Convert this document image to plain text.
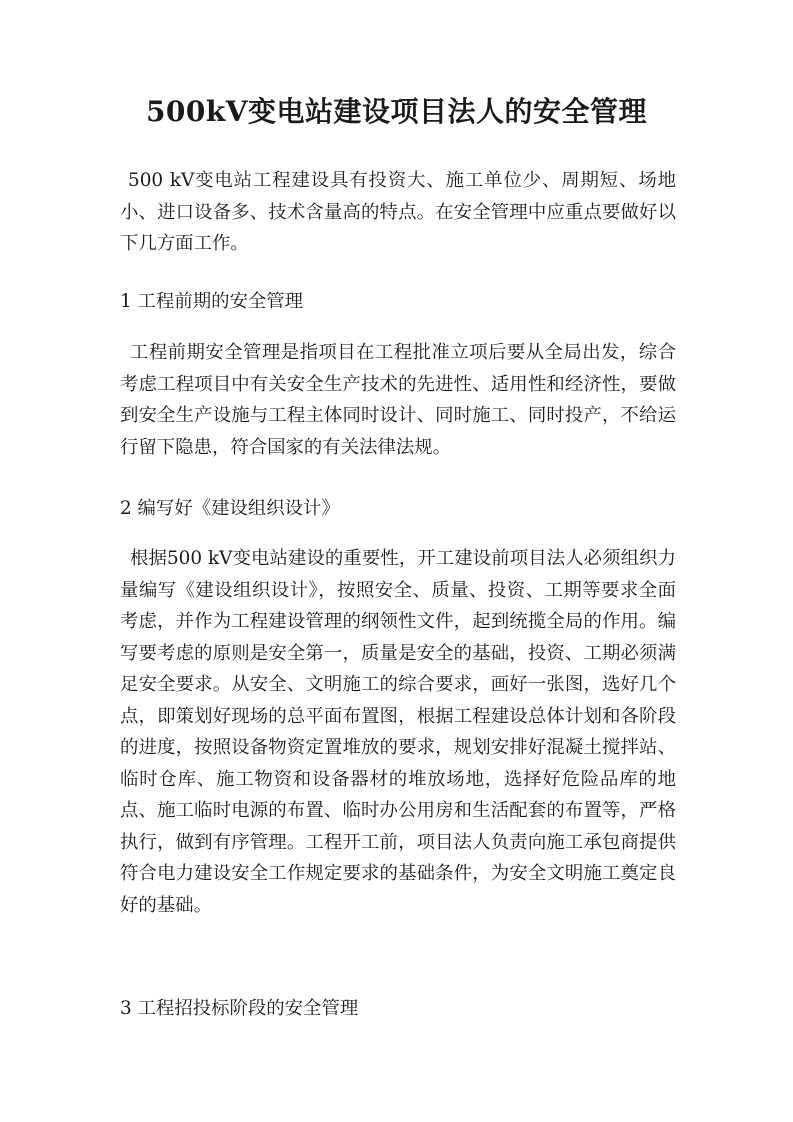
500kV变电站建设项目法人的安全管理
500 kV变电站工程建设具有投资大、施工单位少、周期短、场地小、进口设备多、技术含量高的特点。在安全管理中应重点要做好以下几方面工作。
1 工程前期的安全管理
工程前期安全管理是指项目在工程批准立项后要从全局出发，综合考虑工程项目中有关安全生产技术的先进性、适用性和经济性，要做到安全生产设施与工程主体同时设计、同时施工、同时投产，不给运行留下隐患，符合国家的有关法律法规。
2 编写好《建设组织设计》
根据500 kV变电站建设的重要性，开工建设前项目法人必须组织力量编写《建设组织设计》，按照安全、质量、投资、工期等要求全面考虑，并作为工程建设管理的纲领性文件，起到统揽全局的作用。编写要考虑的原则是安全第一，质量是安全的基础，投资、工期必须满足安全要求。从安全、文明施工的综合要求，画好一张图，选好几个点，即策划好现场的总平面布置图，根据工程建设总体计划和各阶段的进度，按照设备物资定置堆放的要求，规划安排好混凝土搅拌站、临时仓库、施工物资和设备器材的堆放场地，选择好危险品库的地点、施工临时电源的布置、临时办公用房和生活配套的布置等，严格执行，做到有序管理。工程开工前，项目法人负责向施工承包商提供符合电力建设安全工作规定要求的基础条件，为安全文明施工奠定良好的基础。
3 工程招投标阶段的安全管理
